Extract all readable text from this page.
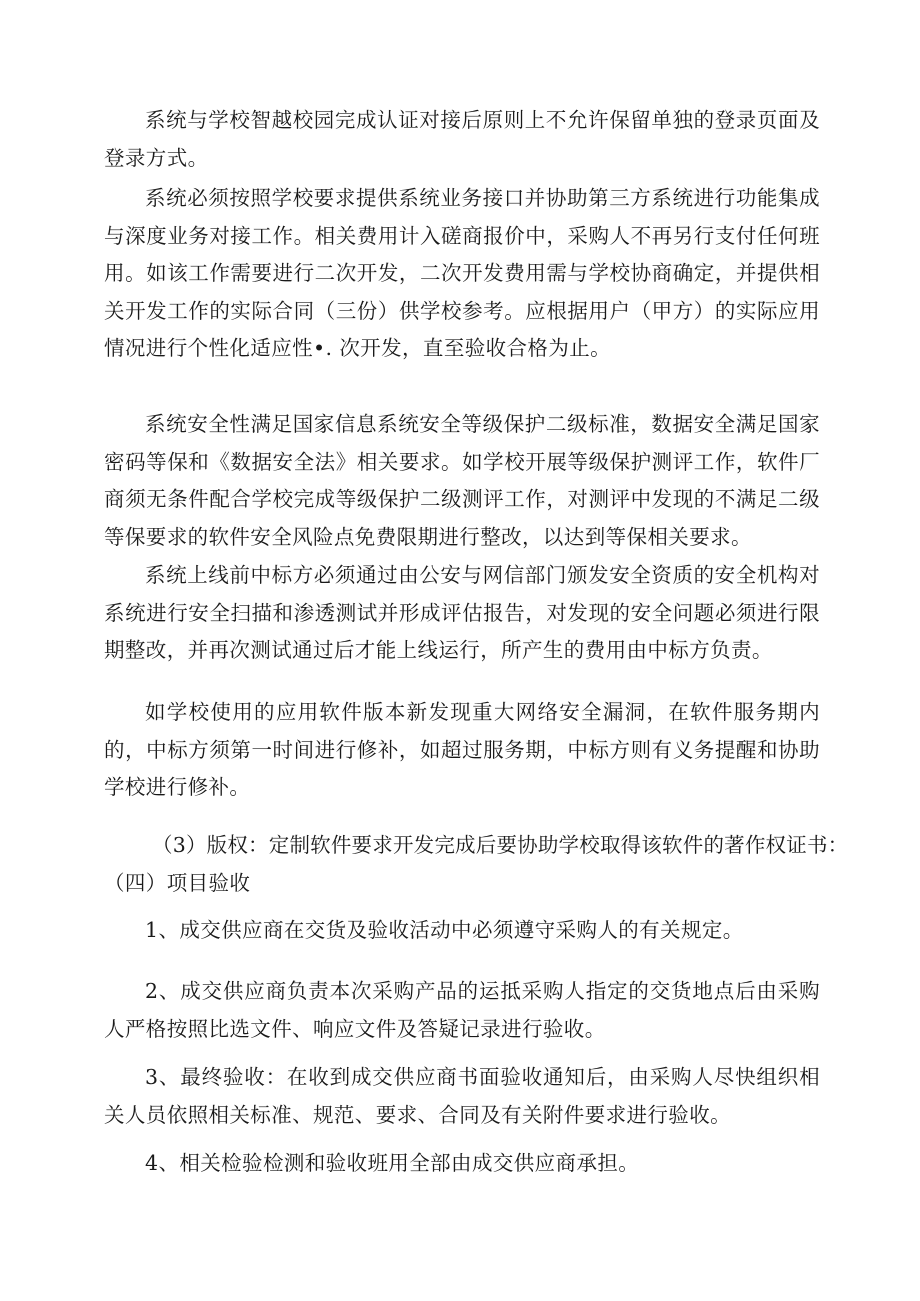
系统与学校智越校园完成认证对接后原则上不允许保留单独的登录页面及登录方式。

系统必须按照学校要求提供系统业务接口并协助第三方系统进行功能集成与深度业务对接工作。相关费用计入磋商报价中，采购人不再另行支付任何班用。如该工作需要进行二次开发，二次开发费用需与学校协商确定，并提供相关开发工作的实际合同（三份）供学校参考。应根据用户（甲方）的实际应用情况进行个性化适应性•. 次开发，直至验收合格为止。

系统安全性满足国家信息系统安全等级保护二级标准，数据安全满足国家密码等保和《数据安全法》相关要求。如学校开展等级保护测评工作，软件厂商须无条件配合学校完成等级保护二级测评工作，对测评中发现的不满足二级等保要求的软件安全风险点免费限期进行整改，以达到等保相关要求。

系统上线前中标方必须通过由公安与网信部门颁发安全资质的安全机构对系统进行安全扫描和渗透测试并形成评估报告，对发现的安全问题必须进行限期整改，并再次测试通过后才能上线运行，所产生的费用由中标方负责。

如学校使用的应用软件版本新发现重大网络安全漏洞，在软件服务期内的，中标方须第一时间进行修补，如超过服务期，中标方则有义务提醒和协助学校进行修补。

（3）版权：定制软件要求开发完成后要协助学校取得该软件的著作权证书：

（四）项目验收

1、成交供应商在交货及验收活动中必须遵守采购人的有关规定。

2、成交供应商负责本次采购产品的运抵采购人指定的交货地点后由采购人严格按照比选文件、响应文件及答疑记录进行验收。

3、最终验收：在收到成交供应商书面验收通知后，由采购人尽快组织相关人员依照相关标准、规范、要求、合同及有关附件要求进行验收。

4、相关检验检测和验收班用全部由成交供应商承担。
